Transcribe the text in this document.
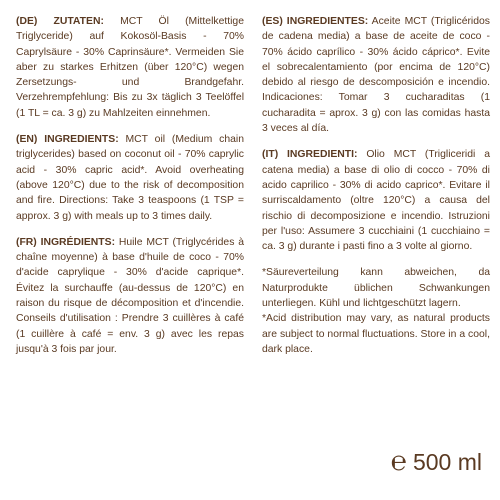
(DE) ZUTATEN: MCT Öl (Mittelkettige Triglyceride) auf Kokosöl-Basis - 70% Caprylsäure - 30% Caprinsäure*. Vermeiden Sie aber zu starkes Erhitzen (über 120°C) wegen Zersetzungs- und Brandgefahr. Verzehrempfehlung: Bis zu 3x täglich 3 Teelöffel (1 TL = ca. 3 g) zu Mahlzeiten einnehmen.

(EN) INGREDIENTS: MCT oil (Medium chain triglycerides) based on coconut oil - 70% caprylic acid - 30% capric acid*. Avoid overheating (above 120°C) due to the risk of decomposition and fire. Directions: Take 3 teaspoons (1 TSP = approx. 3 g) with meals up to 3 times daily.

(FR) INGRÉDIENTS: Huile MCT (Triglycérides à chaîne moyenne) à base d'huile de coco - 70% d'acide caprylique - 30% d'acide caprique*. Évitez la surchauffe (au-dessus de 120°C) en raison du risque de décomposition et d'incendie. Conseils d'utilisation : Prendre 3 cuillères à café (1 cuillère à café = env. 3 g) avec les repas jusqu'à 3 fois par jour.

(ES) INGREDIENTES: Aceite MCT (Triglicéridos de cadena media) a base de aceite de coco - 70% ácido caprílico - 30% ácido cáprico*. Evite el sobrecalentamiento (por encima de 120°C) debido al riesgo de descomposición e incendio. Indicaciones: Tomar 3 cucharaditas (1 cucharadita = aprox. 3 g) con las comidas hasta 3 veces al día.

(IT) INGREDIENTI: Olio MCT (Trigliceridi a catena media) a base di olio di cocco - 70% di acido caprilico - 30% di acido caprico*. Evitare il surriscaldamento (oltre 120°C) a causa del rischio di decomposizione e incendio. Istruzioni per l'uso: Assumere 3 cucchiaini (1 cucchiaino = ca. 3 g) durante i pasti fino a 3 volte al giorno.

*Säureverteilung kann abweichen, da Naturprodukte üblichen Schwankungen unterliegen. Kühl und lichtgeschützt lagern.

*Acid distribution may vary, as natural products are subject to normal fluctuations. Store in a cool, dark place.

℮ 500 ml
